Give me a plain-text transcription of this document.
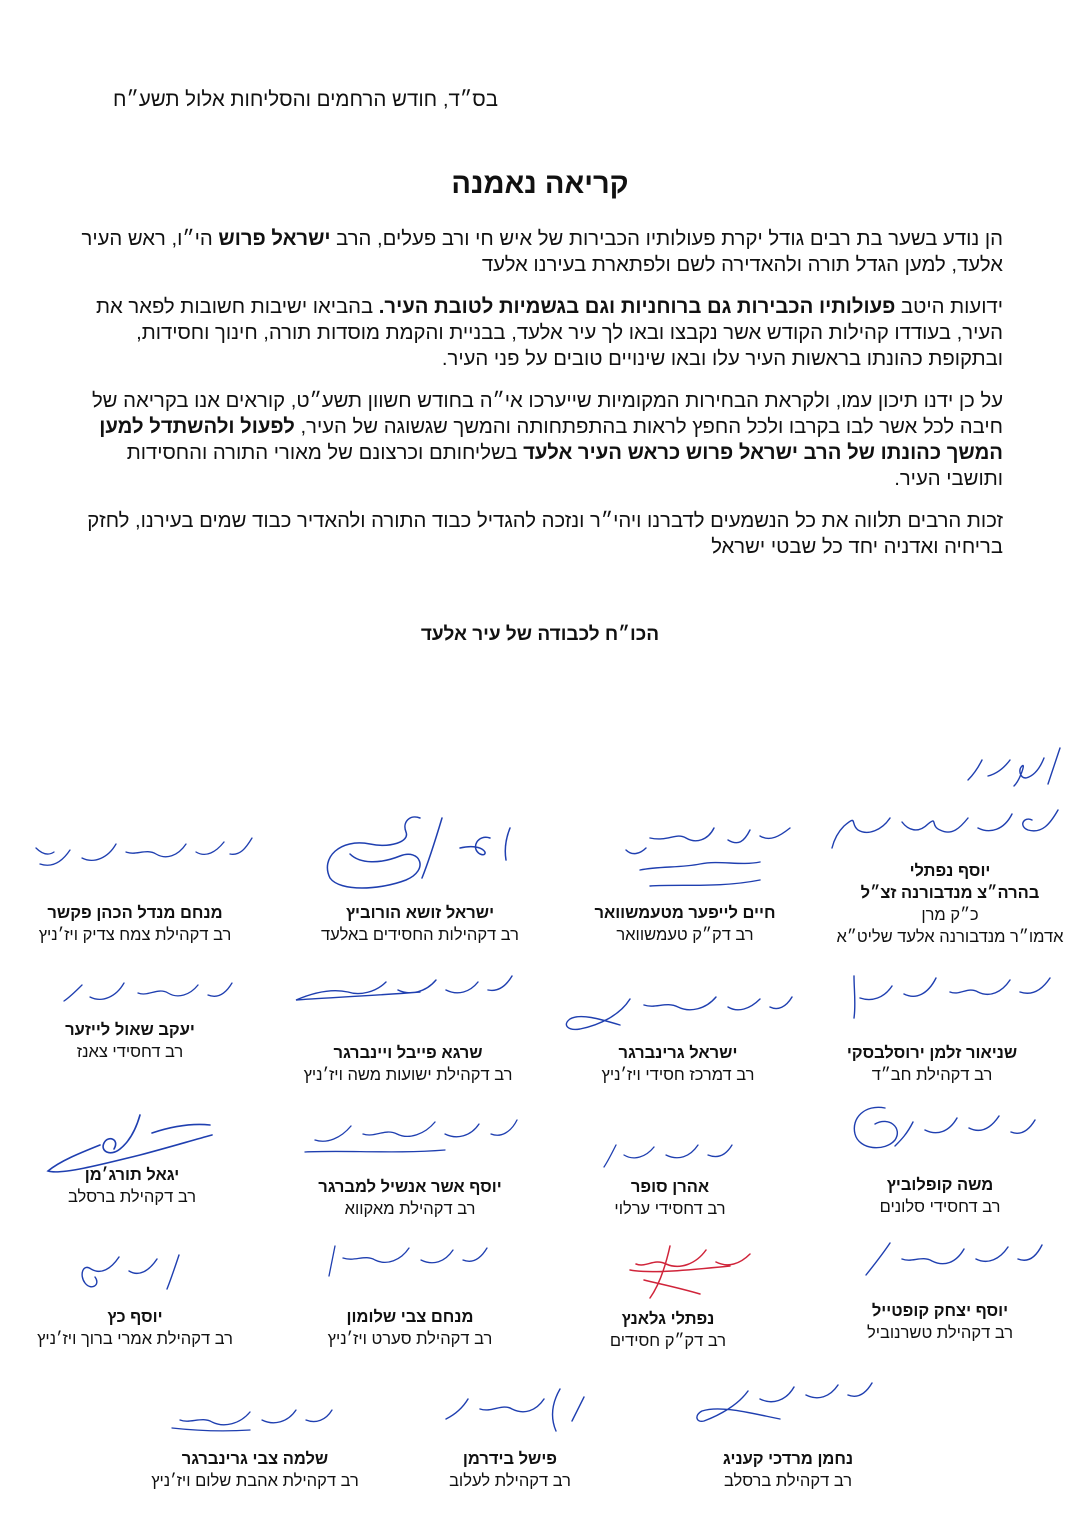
בס״ד, חודש הרחמים והסליחות אלול תשע״ח
קריאה נאמנה

הן נודע בשער בת רבים גודל יקרת פעולותיו הכבירות של איש חי ורב פעלים, הרב ישראל פרוש הי״ו, ראש העיר אלעד, למען הגדל תורה ולהאדירה לשם ולפתארת בעירנו אלעד

ידועות היטב פעולותיו הכבירות גם ברוחניות וגם בגשמיות לטובת העיר. בהביאו ישיבות חשובות לפאר את העיר, בעודדו קהילות הקודש אשר נקבצו ובאו לך עיר אלעד, בבניית והקמת מוסדות תורה, חינוך וחסידות, ובתקופת כהונתו בראשות העיר עלו ובאו שינויים טובים על פני העיר.

על כן ידנו תיכון עמו, ולקראת הבחירות המקומיות שייערכו אי״ה בחודש חשוון תשע״ט, קוראים אנו בקריאה של חיבה לכל אשר לבו בקרבו ולכל החפץ לראות בהתפתחותה והמשך שגשוגה של העיר, לפעול ולהשתדל למען המשך כהונתו של הרב ישראל פרוש כראש העיר אלעד בשליחותם וכרצונם של מאורי התורה והחסידות ותושבי העיר.

זכות הרבים תלווה את כל הנשמעים לדברנו ויהי״ר ונזכה להגדיל כבוד התורה ולהאדיר כבוד שמים בעירנו, לחזק בריחיה ואדניה יחד כל שבטי ישראל

הכו״ח לכבודה של עיר אלעד
יוסף נפתלי
בהרה״צ מנדבורנה זצ״ל
כ״ק מרן
אדמו״ר מנדבורנה אלעד שליט״א
חיים לייפער מטעמשוואר
רב דק״ק טעמשוואר
ישראל זושא הורוביץ
רב דקהילות החסידים באלעד
מנחם מנדל הכהן פקשר
רב דקהילת צמח צדיק ויז׳ניץ
שניאור זלמן ירוסלבסקי
רב דקהילת חב״ד
ישראל גרינברגר
רב דמרכז חסידי ויז׳ניץ
שרגא פייבל ויינברגר
רב דקהילת ישועות משה ויז׳ניץ
יעקב שאול לייזער
רב דחסידי צאנז
משה קופלוביץ
רב דחסידי סלונים
אהרן סופר
רב דחסידי ערלוי
יוסף אשר אנשיל למברגר
רב דקהילת מאקווא
יגאל תורג׳מן
רב דקהילת ברסלב
יוסף יצחק קופטייל
רב דקהילת טשרנוביל
נפתלי גלאנץ
רב דק״ק חסידים
מנחם צבי שלומון
רב דקהילת סערט ויז׳ניץ
יוסף כץ
רב דקהילת אמרי ברוך ויז׳ניץ
נחמן מרדכי קעניג
רב דקהילת ברסלב
פישל בידרמן
רב דקהילת לעלוב
שלמה צבי גרינברגר
רב דקהילת אהבת שלום ויז׳ניץ
